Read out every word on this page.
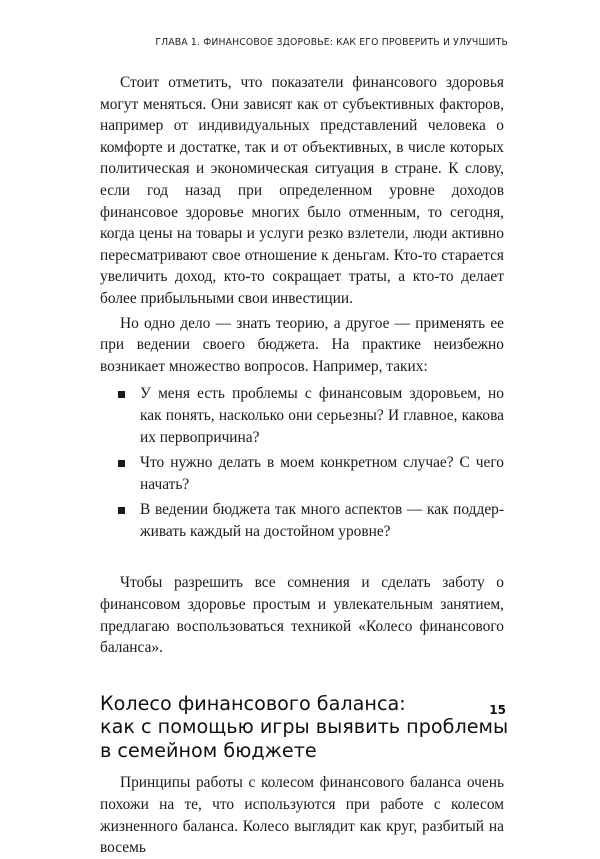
ГЛАВА 1. ФИНАНСОВОЕ ЗДОРОВЬЕ: КАК ЕГО ПРОВЕРИТЬ И УЛУЧШИТЬ

Стоит отметить, что показатели финансового здоровья могут меняться. Они зависят как от субъективных факторов, например от индивидуальных представлений человека о комфорте и достатке, так и от объективных, в числе которых политическая и экономическая ситуация в стране. К слову, если год назад при определенном уровне доходов финансовое здоровье многих было отменным, то сегодня, когда цены на товары и услуги резко взлетели, люди активно пересматривают свое отношение к деньгам. Кто-то старается увеличить доход, кто-то сокращает траты, а кто-то делает более прибыльными свои инвестиции.

Но одно дело — знать теорию, а другое — применять ее при ведении своего бюджета. На практике неизбежно возникает множество вопросов. Например, таких:

У меня есть проблемы с финансовым здоровьем, но как понять, насколько они серьезны? И главное, какова их первопричина?
Что нужно делать в моем конкретном случае? С чего начать?
В ведении бюджета так много аспектов — как поддерживать каждый на достойном уровне?

Чтобы разрешить все сомнения и сделать заботу о финансовом здоровье простым и увлекательным занятием, предлагаю воспользоваться техникой «Колесо финансового баланса».

Колесо финансового баланса:
как с помощью игры выявить проблемы
в семейном бюджете

Принципы работы с колесом финансового баланса очень похожи на те, что используются при работе с колесом жизненного баланса. Колесо выглядит как круг, разбитый на восемь

15
